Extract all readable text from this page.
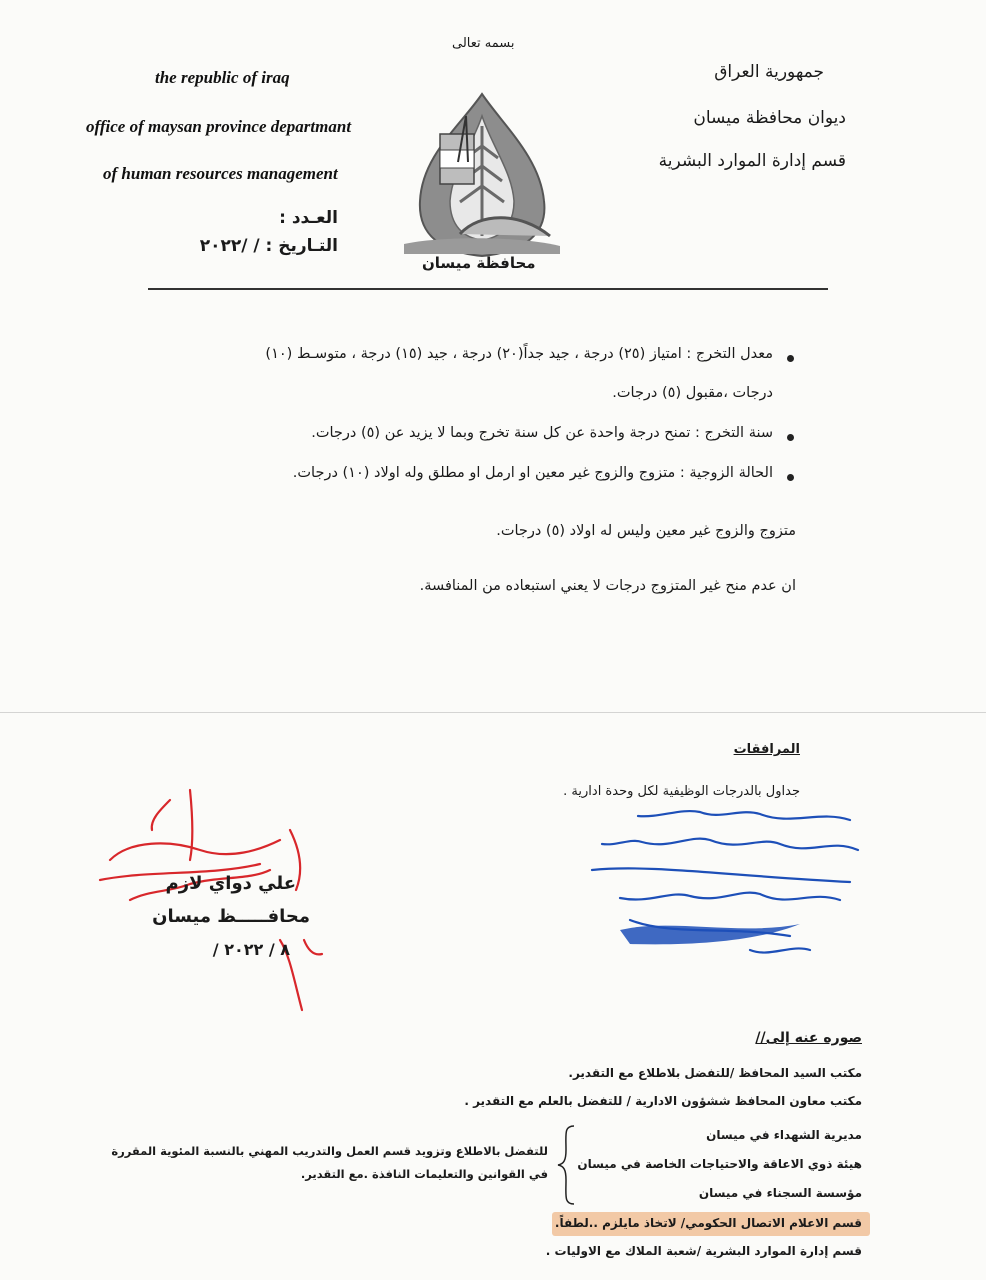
بسمه تعالى
the republic of iraq
office of maysan province departmant
of human resources management
جمهورية العراق
ديوان محافظة ميسان
قسم إدارة الموارد البشرية
العـدد :
التـاريخ : / /٢٠٢٢
محافظة ميسان
معدل التخرج : امتياز (٢٥) درجة ، جيد جداً(٢٠) درجة ، جيد (١٥) درجة ، متوسـط (١٠)
درجات ،مقبول (٥) درجات.
سنة التخرج : تمنح درجة واحدة عن كل سنة تخرج وبما لا يزيد عن (٥) درجات.
الحالة الزوجية : متزوج والزوج غير معين او ارمل او مطلق وله اولاد (١٠) درجات.
متزوج والزوج غير معين وليس له اولاد (٥) درجات.
ان عدم منح غير المتزوج درجات لا يعني استبعاده من المنافسة.
المرافقات
جداول بالدرجات الوظيفية لكل وحدة ادارية .
علي دواي لازم
محافـــــظ ميسان
/ ٨ / ٢٠٢٢
صوره عنه إلى//
مكتب السيد المحافظ /للتفضل بلاطلاع مع التقدير.
مكتب معاون المحافظ ششؤون الادارية / للتفضل بالعلم مع التقدير .
مديرية الشهداء في ميسان
هيئة ذوي الاعاقة والاحتياجات الخاصة في ميسان
مؤسسة السجناء في ميسان
للتفضل بالاطلاع وتزويد قسم العمل والتدريب المهني بالنسبة المئوية المقررة
في القوانين والتعليمات النافذة .مع التقدير.
قسم الاعلام الاتصال الحكومي/ لاتخاذ مايلزم ..لطفاً.
قسم إدارة الموارد البشرية /شعبة الملاك مع الاوليات .
